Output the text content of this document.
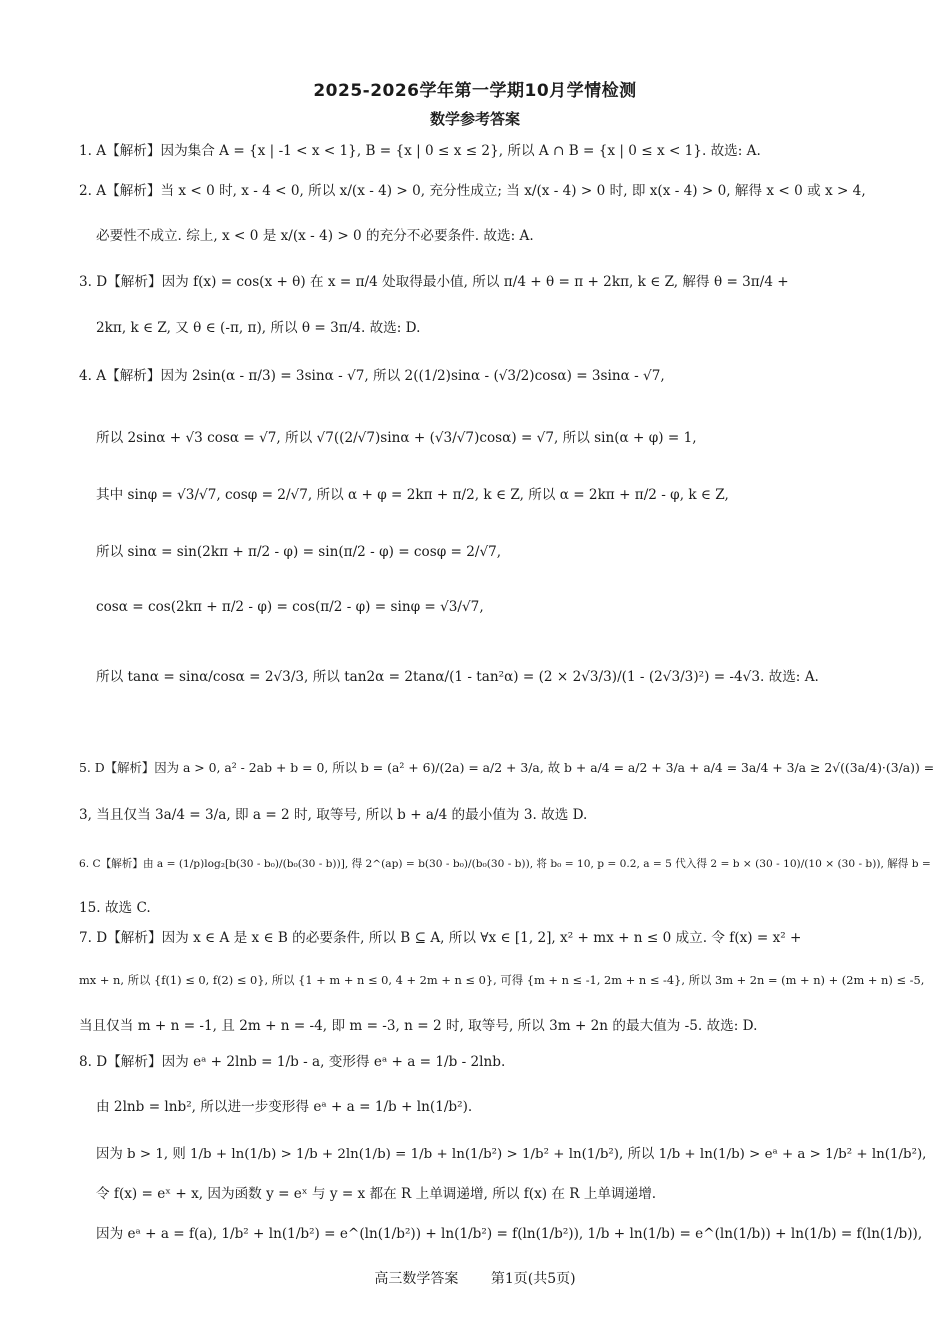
2025-2026学年第一学期10月学情检测
数学参考答案
1. A【解析】因为集合 A = {x | -1 < x < 1}, B = {x | 0 ≤ x ≤ 2}, 所以 A ∩ B = {x | 0 ≤ x < 1}. 故选: A.
2. A【解析】当 x < 0 时, x - 4 < 0, 所以 x/(x - 4) > 0, 充分性成立; 当 x/(x - 4) > 0 时, 即 x(x - 4) > 0, 解得 x < 0 或 x > 4,
必要性不成立. 综上, x < 0 是 x/(x - 4) > 0 的充分不必要条件. 故选: A.
3. D【解析】因为 f(x) = cos(x + θ) 在 x = π/4 处取得最小值, 所以 π/4 + θ = π + 2kπ, k ∈ Z, 解得 θ = 3π/4 +
2kπ, k ∈ Z, 又 θ ∈ (-π, π), 所以 θ = 3π/4. 故选: D.
4. A【解析】因为 2sin(α - π/3) = 3sinα - √7, 所以 2((1/2)sinα - (√3/2)cosα) = 3sinα - √7,
所以 2sinα + √3 cosα = √7, 所以 √7((2/√7)sinα + (√3/√7)cosα) = √7, 所以 sin(α + φ) = 1,
其中 sinφ = √3/√7, cosφ = 2/√7, 所以 α + φ = 2kπ + π/2, k ∈ Z, 所以 α = 2kπ + π/2 - φ, k ∈ Z,
所以 sinα = sin(2kπ + π/2 - φ) = sin(π/2 - φ) = cosφ = 2/√7,
cosα = cos(2kπ + π/2 - φ) = cos(π/2 - φ) = sinφ = √3/√7,
所以 tanα = sinα/cosα = 2√3/3, 所以 tan2α = 2tanα/(1 - tan²α) = (2 × 2√3/3)/(1 - (2√3/3)²) = -4√3. 故选: A.
5. D【解析】因为 a > 0, a² - 2ab + b = 0, 所以 b = (a² + 6)/(2a) = a/2 + 3/a, 故 b + a/4 = a/2 + 3/a + a/4 = 3a/4 + 3/a ≥ 2√((3a/4)·(3/a)) =
3, 当且仅当 3a/4 = 3/a, 即 a = 2 时, 取等号, 所以 b + a/4 的最小值为 3. 故选 D.
6. C【解析】由 a = (1/p)log₂[b(30 - b₀)/(b₀(30 - b))], 得 2^(ap) = b(30 - b₀)/(b₀(30 - b)), 将 b₀ = 10, p = 0.2, a = 5 代入得 2 = b × (30 - 10)/(10 × (30 - b)), 解得 b =
15. 故选 C.
7. D【解析】因为 x ∈ A 是 x ∈ B 的必要条件, 所以 B ⊆ A, 所以 ∀x ∈ [1, 2], x² + mx + n ≤ 0 成立. 令 f(x) = x² +
mx + n, 所以 {f(1) ≤ 0, f(2) ≤ 0}, 所以 {1 + m + n ≤ 0, 4 + 2m + n ≤ 0}, 可得 {m + n ≤ -1, 2m + n ≤ -4}, 所以 3m + 2n = (m + n) + (2m + n) ≤ -5,
当且仅当 m + n = -1, 且 2m + n = -4, 即 m = -3, n = 2 时, 取等号, 所以 3m + 2n 的最大值为 -5. 故选: D.
8. D【解析】因为 eᵃ + 2lnb = 1/b - a, 变形得 eᵃ + a = 1/b - 2lnb.
由 2lnb = lnb², 所以进一步变形得 eᵃ + a = 1/b + ln(1/b²).
因为 b > 1, 则 1/b + ln(1/b) > 1/b + 2ln(1/b) = 1/b + ln(1/b²) > 1/b² + ln(1/b²), 所以 1/b + ln(1/b) > eᵃ + a > 1/b² + ln(1/b²),
令 f(x) = eˣ + x, 因为函数 y = eˣ 与 y = x 都在 R 上单调递增, 所以 f(x) 在 R 上单调递增.
因为 eᵃ + a = f(a), 1/b² + ln(1/b²) = e^(ln(1/b²)) + ln(1/b²) = f(ln(1/b²)), 1/b + ln(1/b) = e^(ln(1/b)) + ln(1/b) = f(ln(1/b)),
高三数学答案 第1页(共5页)
